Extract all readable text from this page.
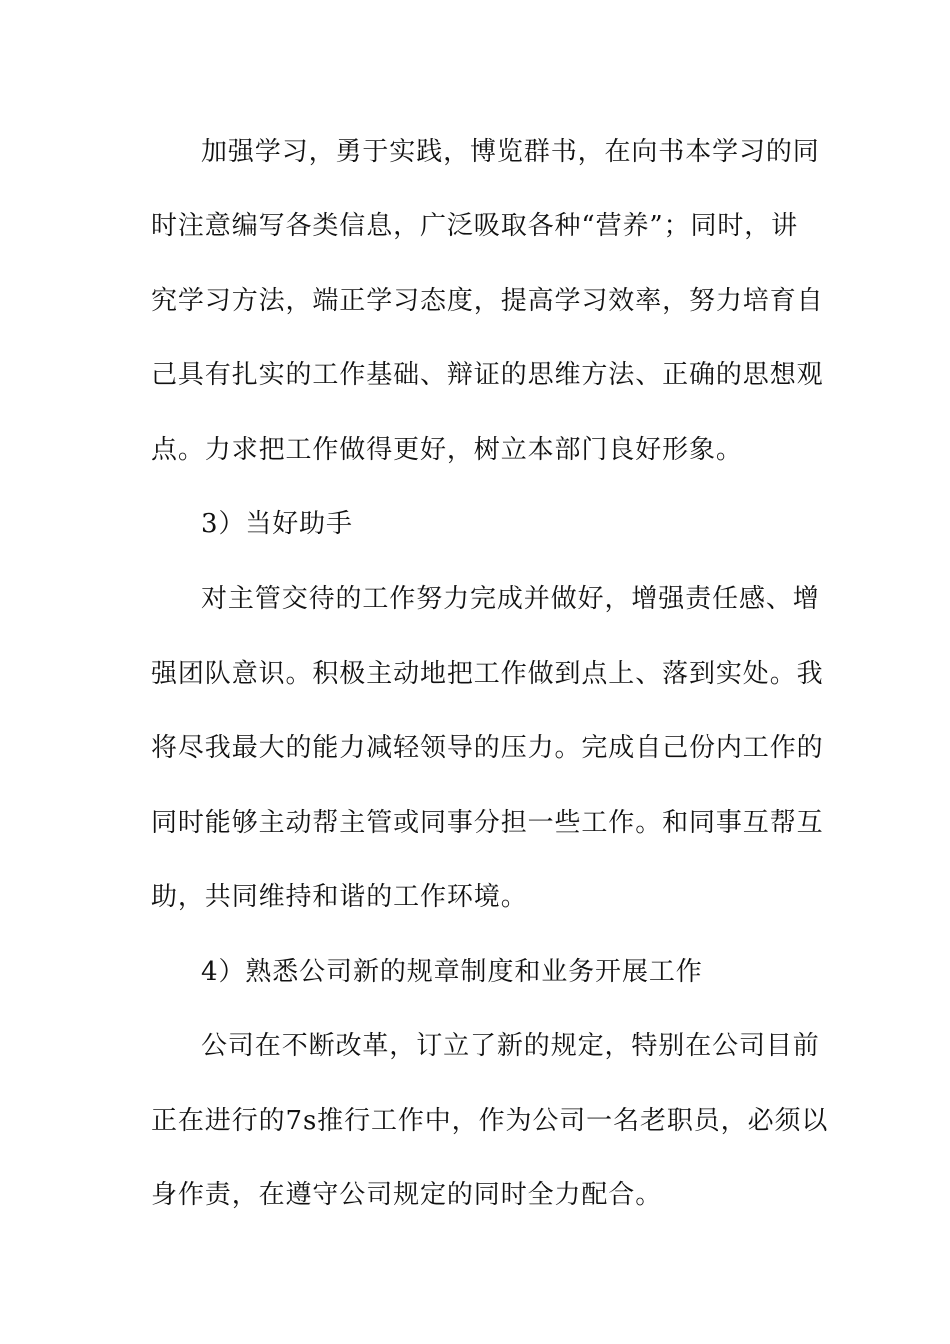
加强学习，勇于实践，博览群书，在向书本学习的同
时注意编写各类信息，广泛吸取各种“营养”；同时，讲
究学习方法，端正学习态度，提高学习效率，努力培育自
己具有扎实的工作基础、辩证的思维方法、正确的思想观
点。力求把工作做得更好，树立本部门良好形象。
3）当好助手
对主管交待的工作努力完成并做好，增强责任感、增
强团队意识。积极主动地把工作做到点上、落到实处。我
将尽我最大的能力减轻领导的压力。完成自己份内工作的
同时能够主动帮主管或同事分担一些工作。和同事互帮互
助，共同维持和谐的工作环境。
4）熟悉公司新的规章制度和业务开展工作
公司在不断改革，订立了新的规定，特别在公司目前
正在进行的7s推行工作中，作为公司一名老职员，必须以
身作责，在遵守公司规定的同时全力配合。
